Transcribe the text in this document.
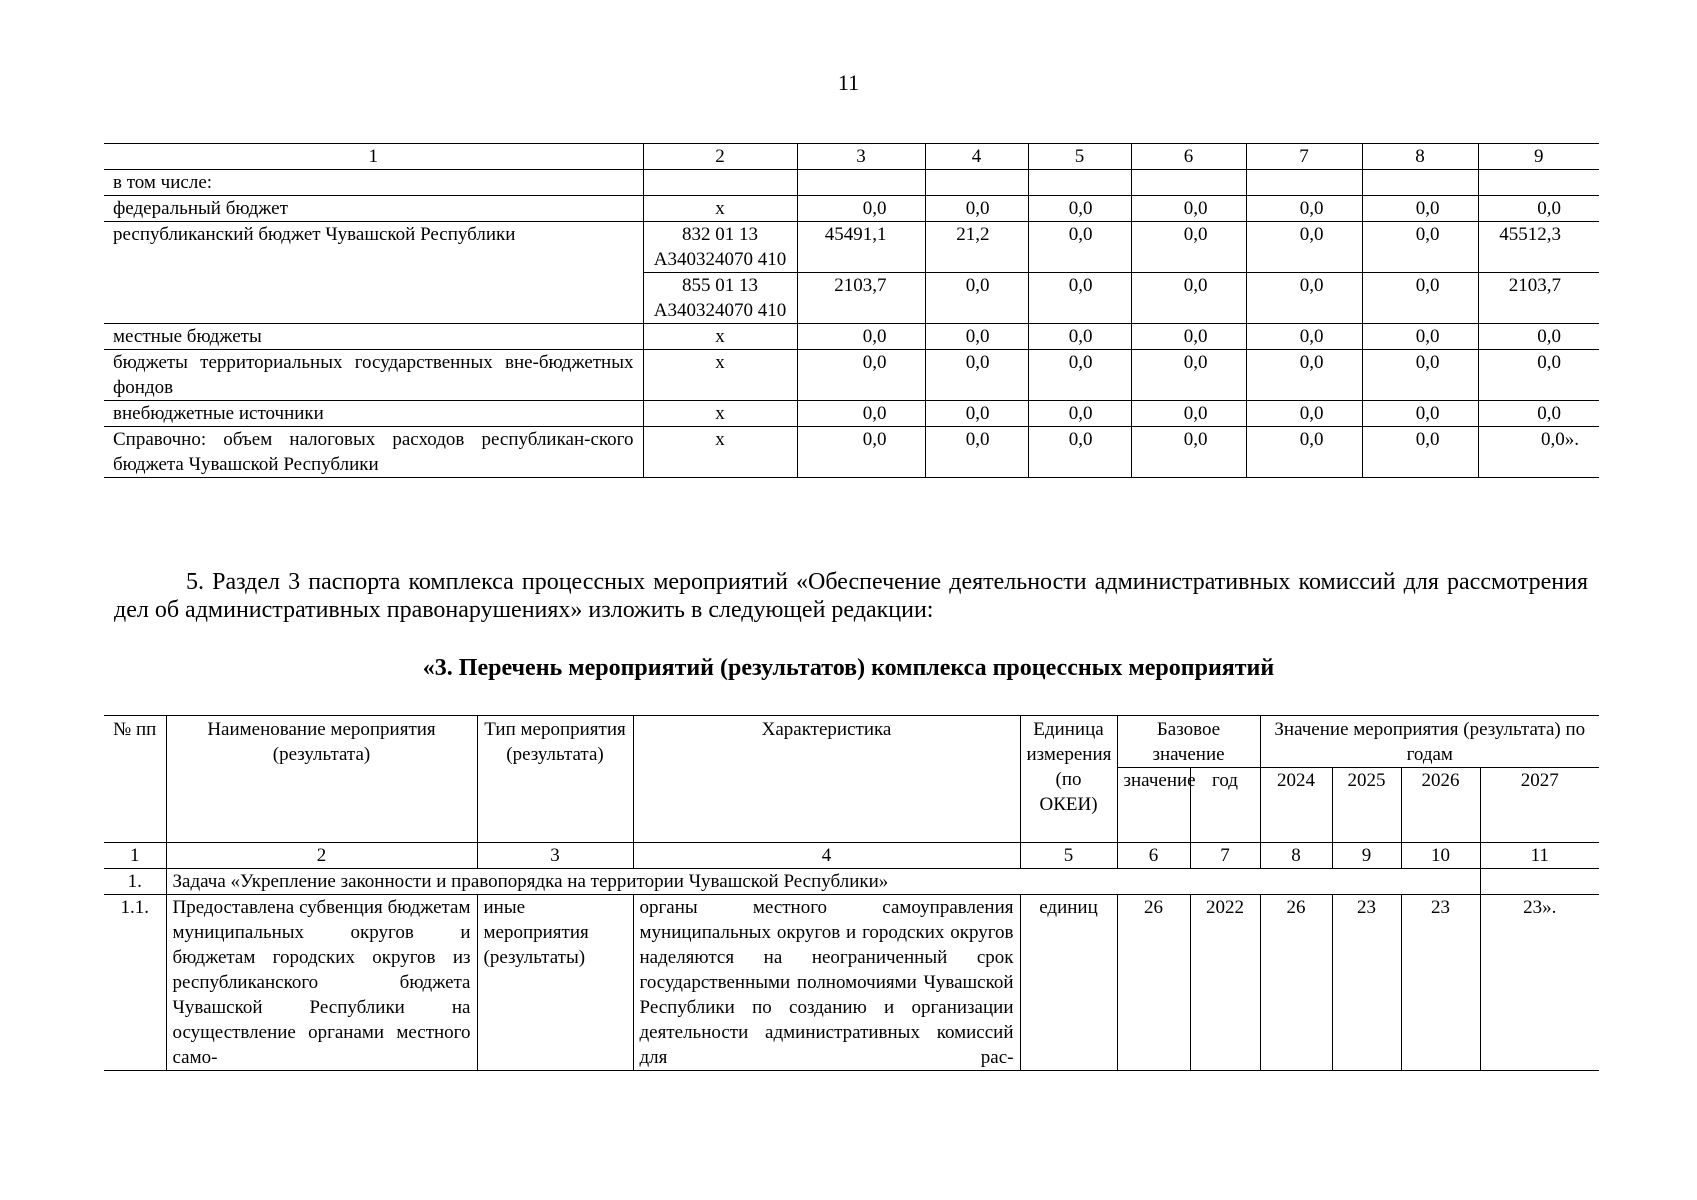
11
1	2	3	4	5	6	7	8	9
в том числе:								
федеральный бюджет	x	0,0	0,0	0,0	0,0	0,0	0,0	0,0
республиканский бюджет Чувашской Республики	832 01 13 А340324070 410	45491,1	21,2	0,0	0,0	0,0	0,0	45512,3
	855 01 13 А340324070 410	2103,7	0,0	0,0	0,0	0,0	0,0	2103,7
местные бюджеты	x	0,0	0,0	0,0	0,0	0,0	0,0	0,0
бюджеты территориальных государственных вне-бюджетных фондов	x	0,0	0,0	0,0	0,0	0,0	0,0	0,0
внебюджетные источники	x	0,0	0,0	0,0	0,0	0,0	0,0	0,0
Справочно: объем налоговых расходов республикан-ского бюджета Чувашской Республики	x	0,0	0,0	0,0	0,0	0,0	0,0	0,0».
5. Раздел 3 паспорта комплекса процессных мероприятий «Обеспечение деятельности административных комиссий для рассмотрения дел об административных правонарушениях» изложить в следующей редакции:
«3. Перечень мероприятий (результатов) комплекса процессных мероприятий
№ пп	Наименование мероприятия (результата)	Тип мероприятия (результата)	Характеристика	Единица измерения (по ОКЕИ)	Базовое значение		Значение мероприятия (результата) по годам			
					значение	год	2024	2025	2026	2027
1	2	3	4	5	6	7	8	9	10	11
1.	Задача «Укрепление законности и правопорядка на территории Чувашской Республики»									
1.1.	Предоставлена субвенция бюджетам муниципальных округов и бюджетам городских округов из республиканского бюджета Чувашской Республики на осуществление органами местного само-	иные мероприятия (результаты)	органы местного самоуправления муниципальных округов и городских округов наделяются на неограниченный срок государственными полномочиями Чувашской Республики по созданию и организации деятельности административных комиссий для рас-	единиц	26	2022	26	23	23	23».
